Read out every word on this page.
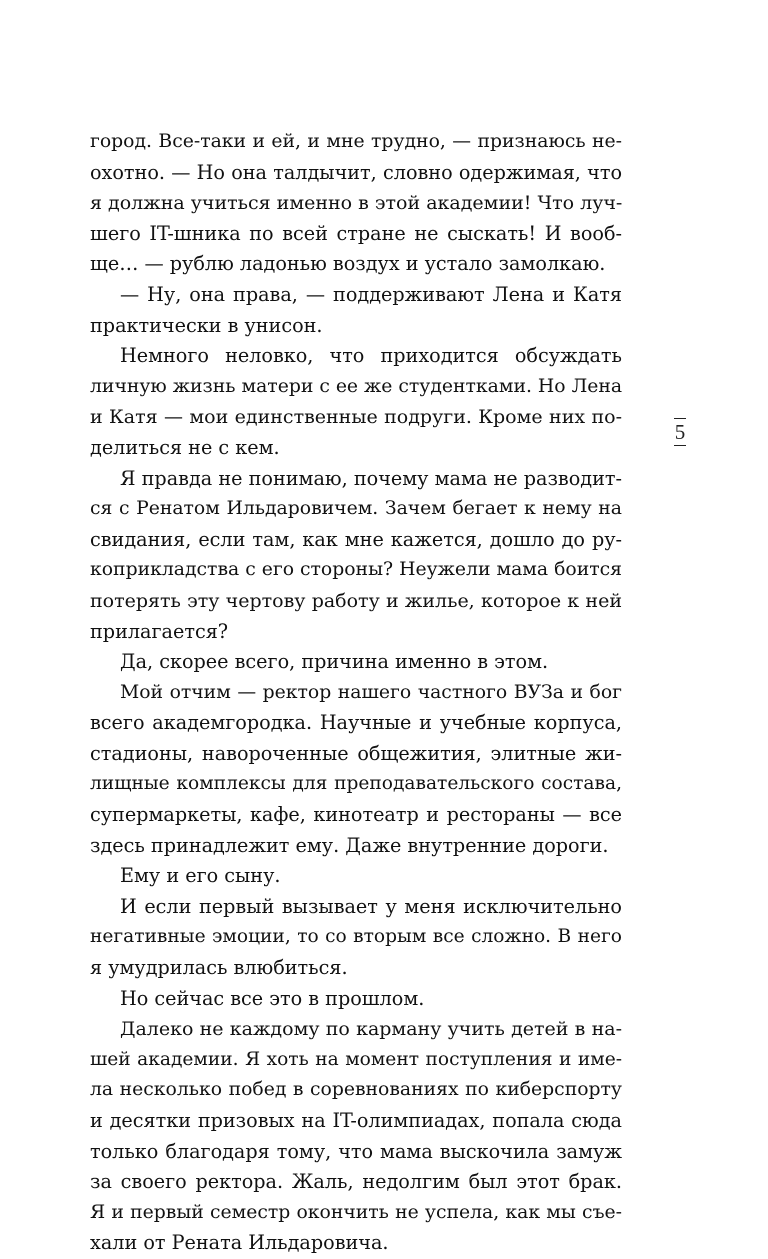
город. Все-таки и ей, и мне трудно, — признаюсь не-
охотно. — Но она талдычит, словно одержимая, что
я должна учиться именно в этой академии! Что луч-
шего IT-шника по всей стране не сыскать! И вооб-
ще… — рублю ладонью воздух и устало замолкаю.
— Ну, она права, — поддерживают Лена и Катя
практически в унисон.
Немного неловко, что приходится обсуждать
личную жизнь матери с ее же студентками. Но Лена
и Катя — мои единственные подруги. Кроме них по-
делиться не с кем.
Я правда не понимаю, почему мама не разводит-
ся с Ренатом Ильдаровичем. Зачем бегает к нему на
свидания, если там, как мне кажется, дошло до ру-
коприкладства с его стороны? Неужели мама боится
потерять эту чертову работу и жилье, которое к ней
прилагается?
Да, скорее всего, причина именно в этом.
Мой отчим — ректор нашего частного ВУЗа и бог
всего академгородка. Научные и учебные корпуса,
стадионы, навороченные общежития, элитные жи-
лищные комплексы для преподавательского состава,
супермаркеты, кафе, кинотеатр и рестораны — все
здесь принадлежит ему. Даже внутренние дороги.
Ему и его сыну.
И если первый вызывает у меня исключительно
негативные эмоции, то со вторым все сложно. В него
я умудрилась влюбиться.
Но сейчас все это в прошлом.
Далеко не каждому по карману учить детей в на-
шей академии. Я хоть на момент поступления и име-
ла несколько побед в соревнованиях по киберспорту
и десятки призовых на IT-олимпиадах, попала сюда
только благодаря тому, что мама выскочила замуж
за своего ректора. Жаль, недолгим был этот брак.
Я и первый семестр окончить не успела, как мы съе-
хали от Рената Ильдаровича.
5
